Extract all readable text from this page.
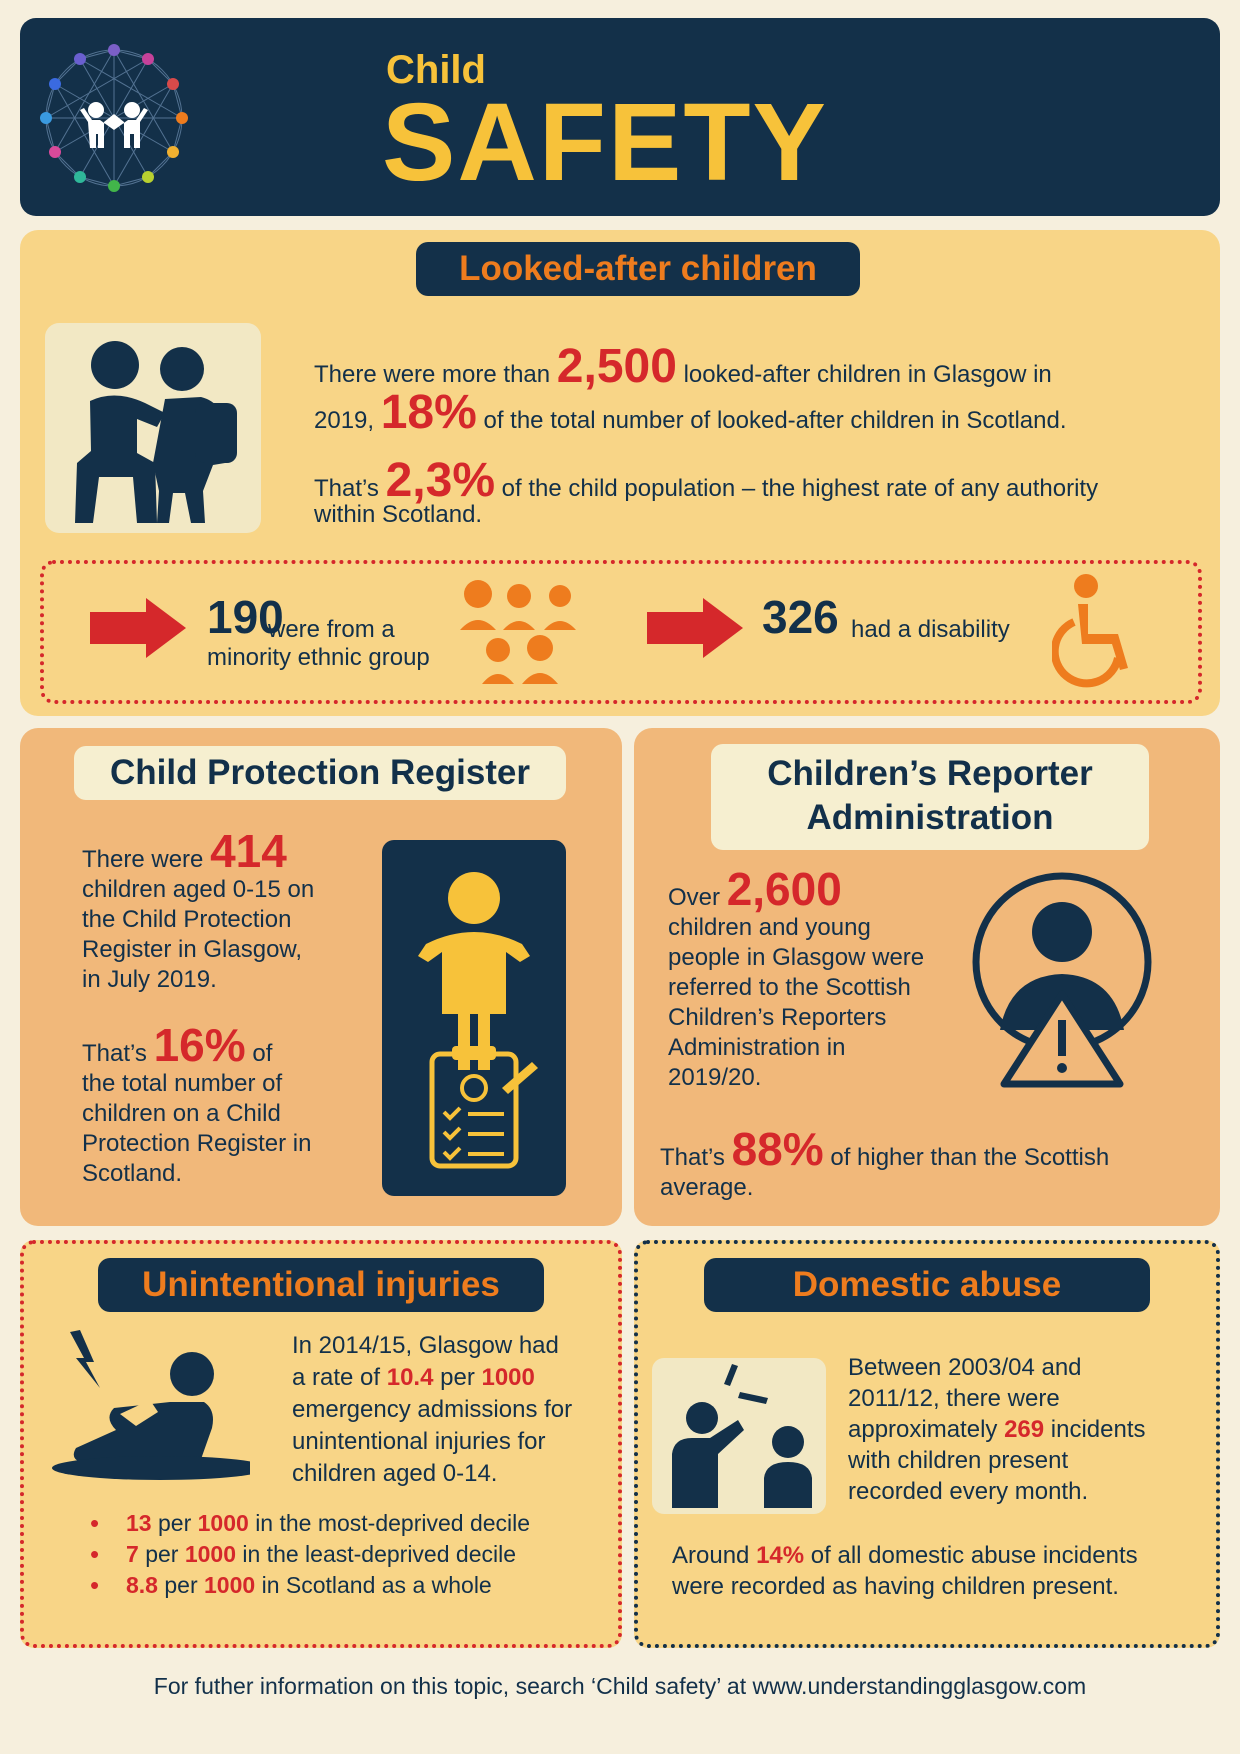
Child
SAFETY
Looked-after children
There were more than 2,500 looked-after children in Glasgow in
2019, 18% of the total number of looked-after children in Scotland.
That’s 2,3% of the child population – the highest rate of any authority
within Scotland.
190
were from a
minority ethnic group
326 had a disability
Child Protection Register
There were 414
children aged 0-15 on
the Child Protection
Register in Glasgow,
in July 2019.
That’s 16% of
the total number of
children on a Child
Protection Register in
Scotland.
Children’s Reporter
Administration
Over 2,600
children and young
people in Glasgow were
referred to the Scottish
Children’s Reporters
Administration in
2019/20.
That’s 88% of higher than the Scottish
average.
Unintentional injuries
In 2014/15, Glasgow had
a rate of 10.4 per 1000
emergency admissions for
unintentional injuries for
children aged 0-14.
• 13 per 1000 in the most-deprived decile
• 7 per 1000 in the least-deprived decile
• 8.8 per 1000 in Scotland as a whole
Domestic abuse
Between 2003/04 and
2011/12, there were
approximately 269 incidents
with children present
recorded every month.
Around 14% of all domestic abuse incidents
were recorded as having children present.
For futher information on this topic, search ‘Child safety’ at www.understandingglasgow.com
